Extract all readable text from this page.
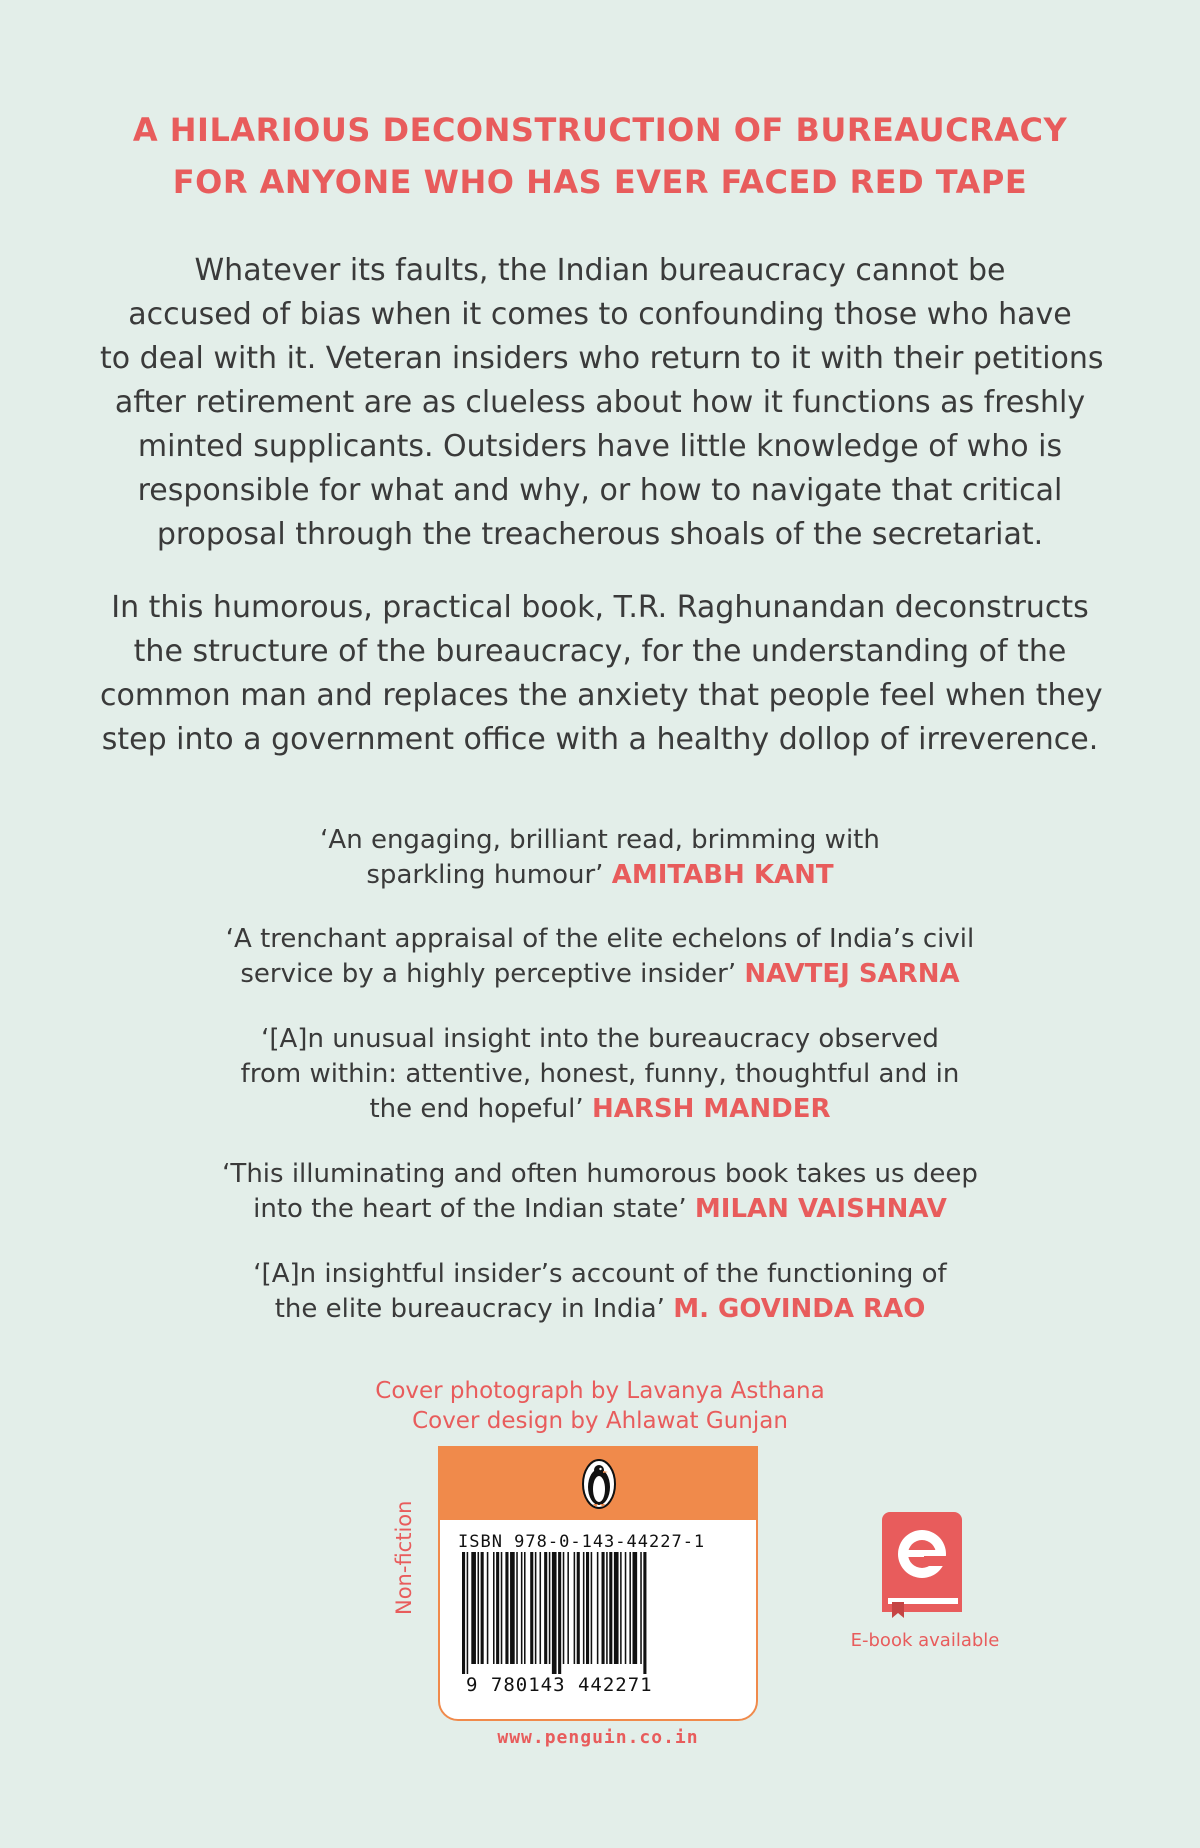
A HILARIOUS DECONSTRUCTION OF BUREAUCRACY
FOR ANYONE WHO HAS EVER FACED RED TAPE
Whatever its faults, the Indian bureaucracy cannot be
accused of bias when it comes to confounding those who have
to deal with it. Veteran insiders who return to it with their petitions
after retirement are as clueless about how it functions as freshly
minted supplicants. Outsiders have little knowledge of who is
responsible for what and why, or how to navigate that critical
proposal through the treacherous shoals of the secretariat.
In this humorous, practical book, T.R. Raghunandan deconstructs
the structure of the bureaucracy, for the understanding of the
common man and replaces the anxiety that people feel when they
step into a government office with a healthy dollop of irreverence.
‘An engaging, brilliant read, brimming with
sparkling humour’ AMITABH KANT
‘A trenchant appraisal of the elite echelons of India’s civil
service by a highly perceptive insider’ NAVTEJ SARNA
‘[A]n unusual insight into the bureaucracy observed
from within: attentive, honest, funny, thoughtful and in
the end hopeful’ HARSH MANDER
‘This illuminating and often humorous book takes us deep
into the heart of the Indian state’ MILAN VAISHNAV
‘[A]n insightful insider’s account of the functioning of
the elite bureaucracy in India’ M. GOVINDA RAO
Cover photograph by Lavanya Asthana
Cover design by Ahlawat Gunjan
Non-fiction ISBN 978-0-143-44227-1
9 780143 442271
www.penguin.co.in
E-book available
